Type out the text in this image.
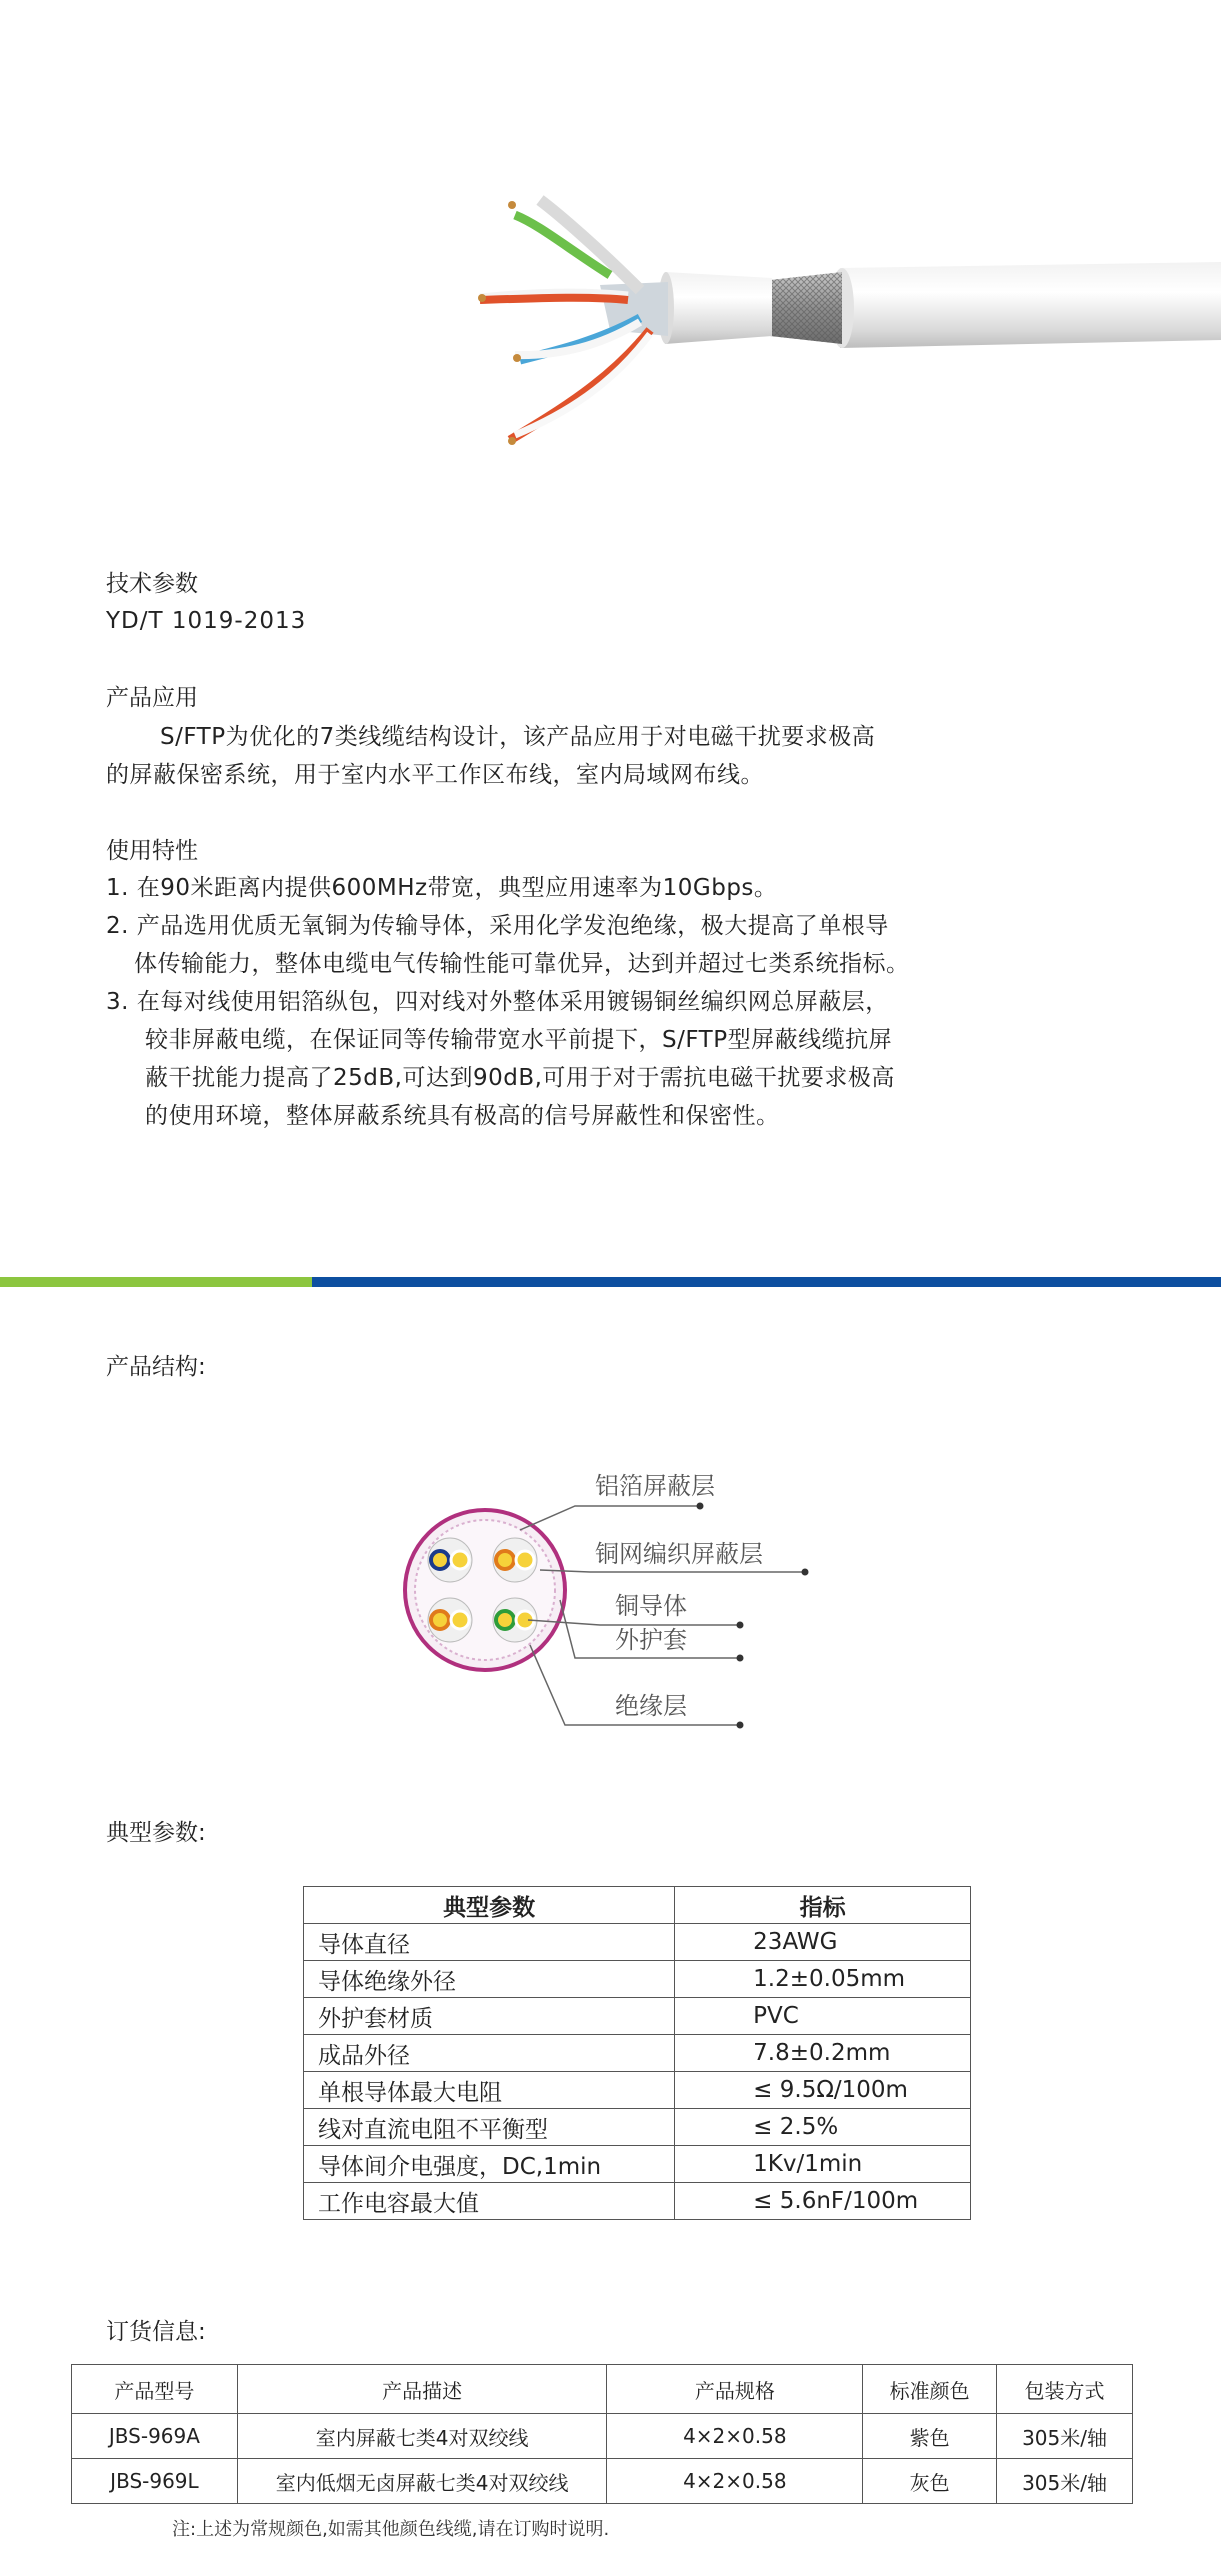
技术参数
YD/T 1019-2013
产品应用
S/FTP为优化的7类线缆结构设计，该产品应用于对电磁干扰要求极高
的屏蔽保密系统，用于室内水平工作区布线，室内局域网布线。
使用特性
1. 在90米距离内提供600MHz带宽，典型应用速率为10Gbps。
2. 产品选用优质无氧铜为传输导体，采用化学发泡绝缘，极大提高了单根导
体传输能力，整体电缆电气传输性能可靠优异，达到并超过七类系统指标。
3. 在每对线使用铝箔纵包，四对线对外整体采用镀锡铜丝编织网总屏蔽层，
较非屏蔽电缆，在保证同等传输带宽水平前提下，S/FTP型屏蔽线缆抗屏
蔽干扰能力提高了25dB,可达到90dB,可用于对于需抗电磁干扰要求极高
的使用环境，整体屏蔽系统具有极高的信号屏蔽性和保密性。
产品结构:
铝箔屏蔽层
铜网编织屏蔽层
铜导体
外护套
绝缘层
典型参数:
典型参数	指标
导体直径	23AWG
导体绝缘外径	1.2±0.05mm
外护套材质	PVC
成品外径	7.8±0.2mm
单根导体最大电阻	≤ 9.5Ω/100m
线对直流电阻不平衡型	≤ 2.5%
导体间介电强度，DC,1min	1Kv/1min
工作电容最大值	≤ 5.6nF/100m
订货信息:
产品型号	产品描述	产品规格	标准颜色	包装方式
JBS-969A	室内屏蔽七类4对双绞线	4×2×0.58	紫色	305米/轴
JBS-969L	室内低烟无卤屏蔽七类4对双绞线	4×2×0.58	灰色	305米/轴
注:上述为常规颜色,如需其他颜色线缆,请在订购时说明.
